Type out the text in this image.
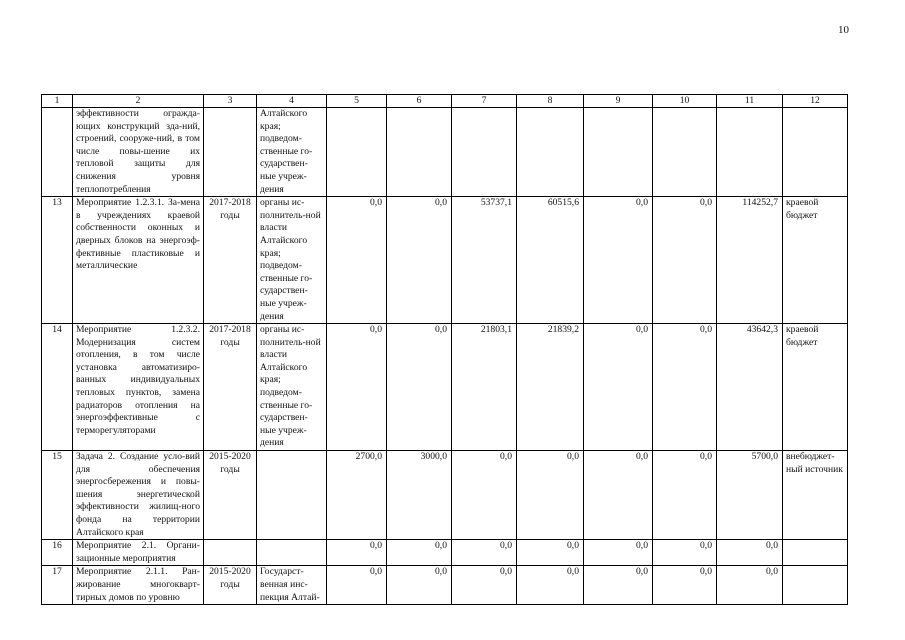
10
1	2	3	4	5	6	7	8	9	10	11	12
	эффективности огражда-ющих конструкций зда-ний, строений, сооруже-ний, в том числе повы-шение их тепловой защиты для снижения уровня теплопотребления		Алтайского края; подведом-ственные го-сударствен-ные учреж-дения								
13	Мероприятие 1.2.3.1. За-мена в учреждениях краевой собственности оконных и дверных блоков на энергоэф-фективные пластиковые и металлические	2017-2018 годы	органы ис-полнитель-ной власти Алтайского края; подведом-ственные го-сударствен-ные учреж-дения	0,0	0,0	53737,1	60515,6	0,0	0,0	114252,7	краевой бюджет
14	Мероприятие 1.2.3.2. Модернизация систем отопления, в том числе установка автоматизиро-ванных индивидуальных тепловых пунктов, замена радиаторов отопления на энергоэффективные с терморегуляторами	2017-2018 годы	органы ис-полнитель-ной власти Алтайского края; подведом-ственные го-сударствен-ные учреж-дения	0,0	0,0	21803,1	21839,2	0,0	0,0	43642,3	краевой бюджет
15	Задача 2. Создание усло-вий для обеспечения энергосбережения и повы-шения энергетической эффективности жилищ-ного фонда на территории Алтайского края	2015-2020 годы		2700,0	3000,0	0,0	0,0	0,0	0,0	5700,0	внебюджет-ный источник
16	Мероприятие 2.1. Органи-зационные мероприятия			0,0	0,0	0,0	0,0	0,0	0,0	0,0	
17	Мероприятие 2.1.1. Ран-жирование многокварт-тирных домов по уровню	2015-2020 годы	Государст-венная инс-пекция Алтай-	0,0	0,0	0,0	0,0	0,0	0,0	0,0	
